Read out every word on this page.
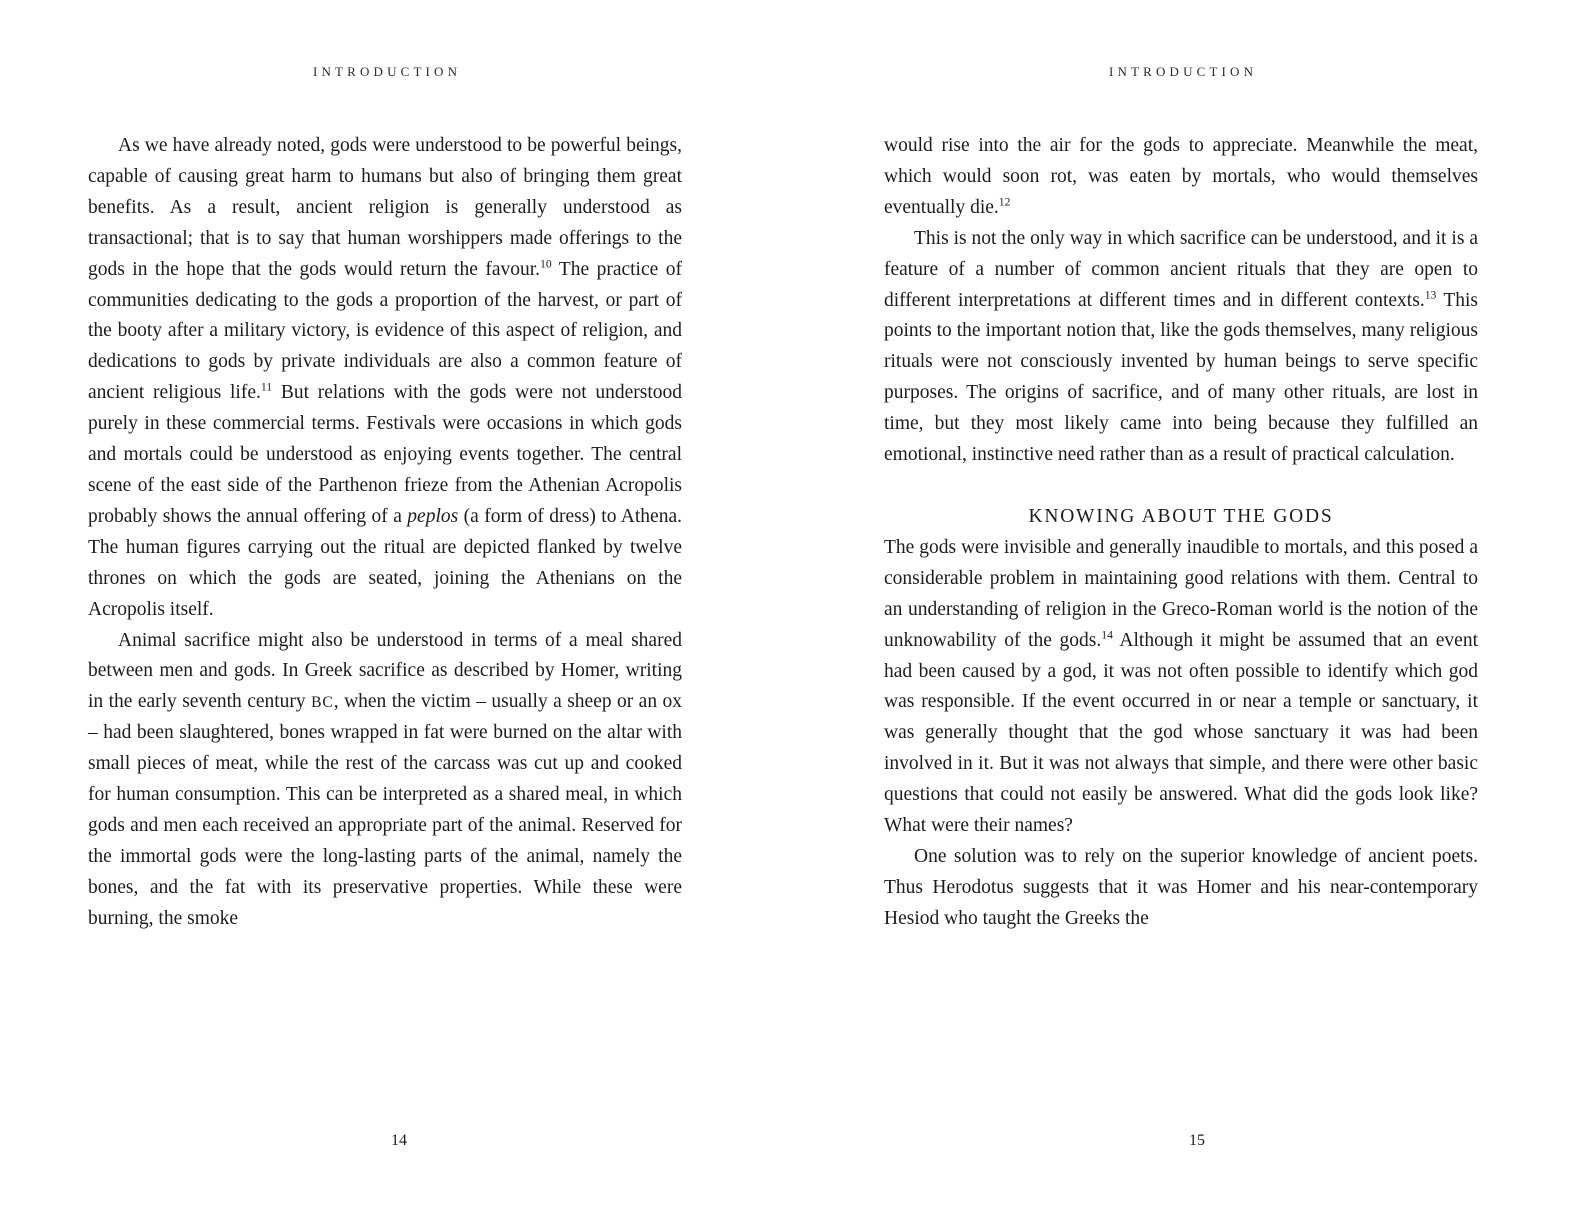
INTRODUCTION

As we have already noted, gods were understood to be powerful beings, capable of causing great harm to humans but also of bringing them great benefits. As a result, ancient religion is generally understood as transactional; that is to say that human worshippers made offerings to the gods in the hope that the gods would return the favour.$^{10}$ The practice of communities dedicating to the gods a proportion of the harvest, or part of the booty after a military victory, is evidence of this aspect of religion, and dedications to gods by private individuals are also a common feature of ancient religious life.$^{11}$ But relations with the gods were not understood purely in these commercial terms. Festivals were occasions in which gods and mortals could be understood as enjoying events together. The central scene of the east side of the Parthenon frieze from the Athenian Acropolis probably shows the annual offering of a peplos (a form of dress) to Athena. The human figures carrying out the ritual are depicted flanked by twelve thrones on which the gods are seated, joining the Athenians on the Acropolis itself.

Animal sacrifice might also be understood in terms of a meal shared between men and gods. In Greek sacrifice as described by Homer, writing in the early seventh century BC, when the victim – usually a sheep or an ox – had been slaughtered, bones wrapped in fat were burned on the altar with small pieces of meat, while the rest of the carcass was cut up and cooked for human consumption. This can be interpreted as a shared meal, in which gods and men each received an appropriate part of the animal. Reserved for the immortal gods were the long-lasting parts of the animal, namely the bones, and the fat with its preservative properties. While these were burning, the smoke

14
INTRODUCTION

would rise into the air for the gods to appreciate. Meanwhile the meat, which would soon rot, was eaten by mortals, who would themselves eventually die.$^{12}$

This is not the only way in which sacrifice can be understood, and it is a feature of a number of common ancient rituals that they are open to different interpretations at different times and in different contexts.$^{13}$ This points to the important notion that, like the gods themselves, many religious rituals were not consciously invented by human beings to serve specific purposes. The origins of sacrifice, and of many other rituals, are lost in time, but they most likely came into being because they fulfilled an emotional, instinctive need rather than as a result of practical calculation.

KNOWING ABOUT THE GODS

The gods were invisible and generally inaudible to mortals, and this posed a considerable problem in maintaining good relations with them. Central to an understanding of religion in the Greco-Roman world is the notion of the unknowability of the gods.$^{14}$ Although it might be assumed that an event had been caused by a god, it was not often possible to identify which god was responsible. If the event occurred in or near a temple or sanctuary, it was generally thought that the god whose sanctuary it was had been involved in it. But it was not always that simple, and there were other basic questions that could not easily be answered. What did the gods look like? What were their names?

One solution was to rely on the superior knowledge of ancient poets. Thus Herodotus suggests that it was Homer and his near-contemporary Hesiod who taught the Greeks the

15
